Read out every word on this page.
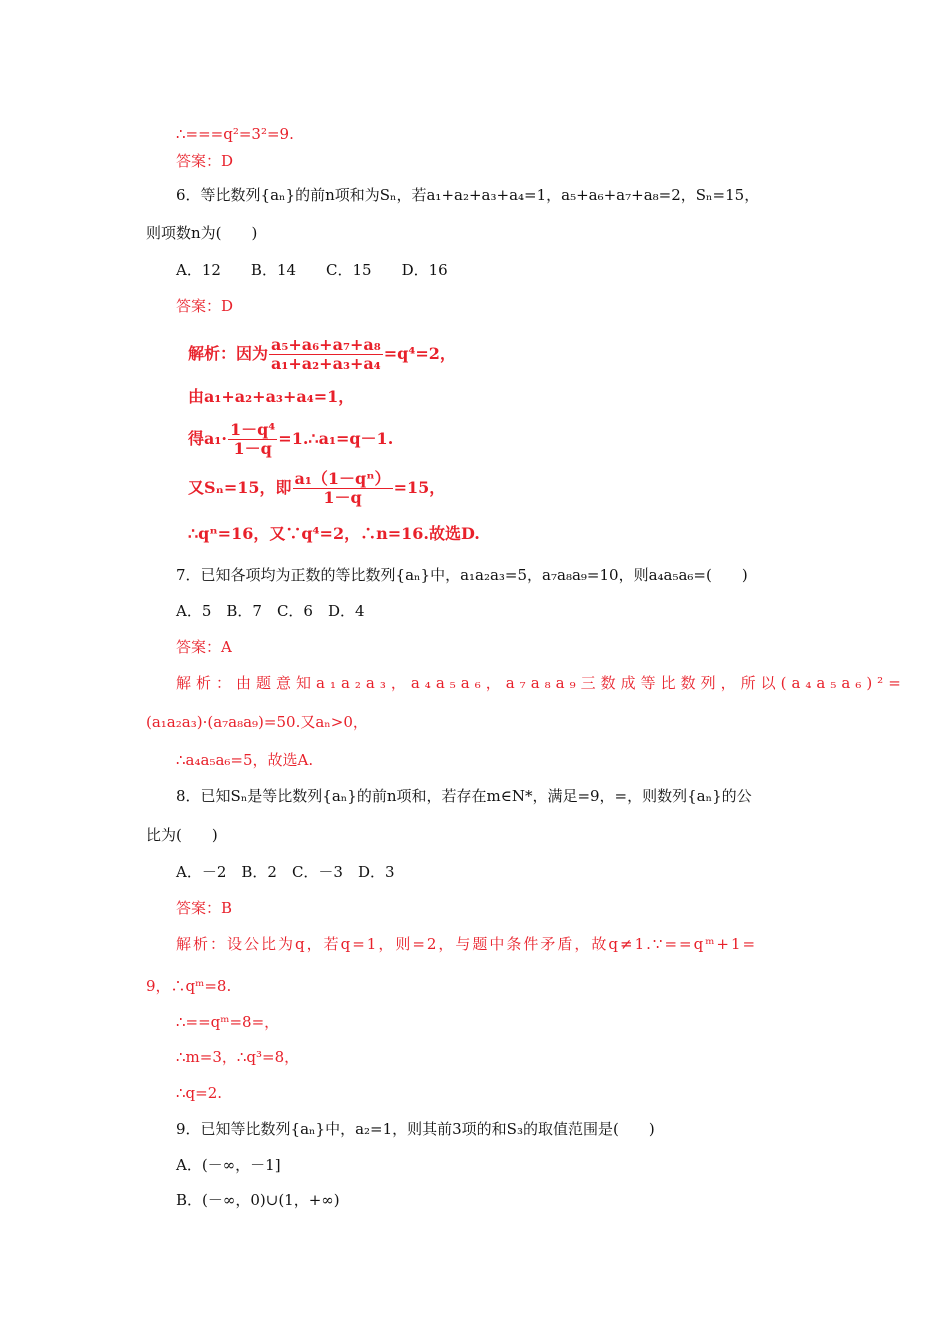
∴===q²=3²=9.
答案：D
6．等比数列{aₙ}的前n项和为Sₙ，若a₁+a₂+a₃+a₄=1，a₅+a₆+a₇+a₈=2，Sₙ=15，
则项数n为(　　)
A．12　　B．14　　C．15　　D．16
答案：D
解析：因为 $\frac{\text{a₅+a₆+a₇+a₈}}{\text{a₁+a₂+a₃+a₄}} =q^4=2$，
由a₁+a₂+a₃+a₄=1，
得$a_1\cdot \frac{\text{1－q⁴}}{1-q}$ =1.∴a₁=q－1.
又Sₙ=15，即 $\frac{\text{a₁（1－qⁿ）}}{1-q} =15$，
∴qⁿ=16，又∵q⁴=2，∴n=16.故选D.
7．已知各项均为正数的等比数列{aₙ}中，a₁a₂a₃=5，a₇a₈a₉=10，则a₄a₅a₆=(　　)
A．5　B．7　C．6　D．4
答案：A
解析：由题意知a₁a₂a₃，a₄a₅a₆，a₇a₈a₉三数成等比数列，所以(a₄a₅a₆)²=
(a₁a₂a₃)·(a₇a₈a₉)=50.又aₙ>0，
∴a₄a₅a₆=5，故选A.
8．已知Sₙ是等比数列{aₙ}的前n项和，若存在m∈N*，满足=9，=，则数列{aₙ}的公
比为(　　)
A．－2　B．2　C．－3　D．3
答案：B
解析：设公比为q，若q=1，则=2，与题中条件矛盾，故q≠1.∵==qᵐ+1=
9，∴qᵐ=8.
∴==qᵐ=8=，
∴m=3，∴q³=8，
∴q=2.
9．已知等比数列{aₙ}中，a₂=1，则其前3项的和S₃的取值范围是(　　)
A．(－∞，－1]
B．(－∞，0)∪(1，+∞)
